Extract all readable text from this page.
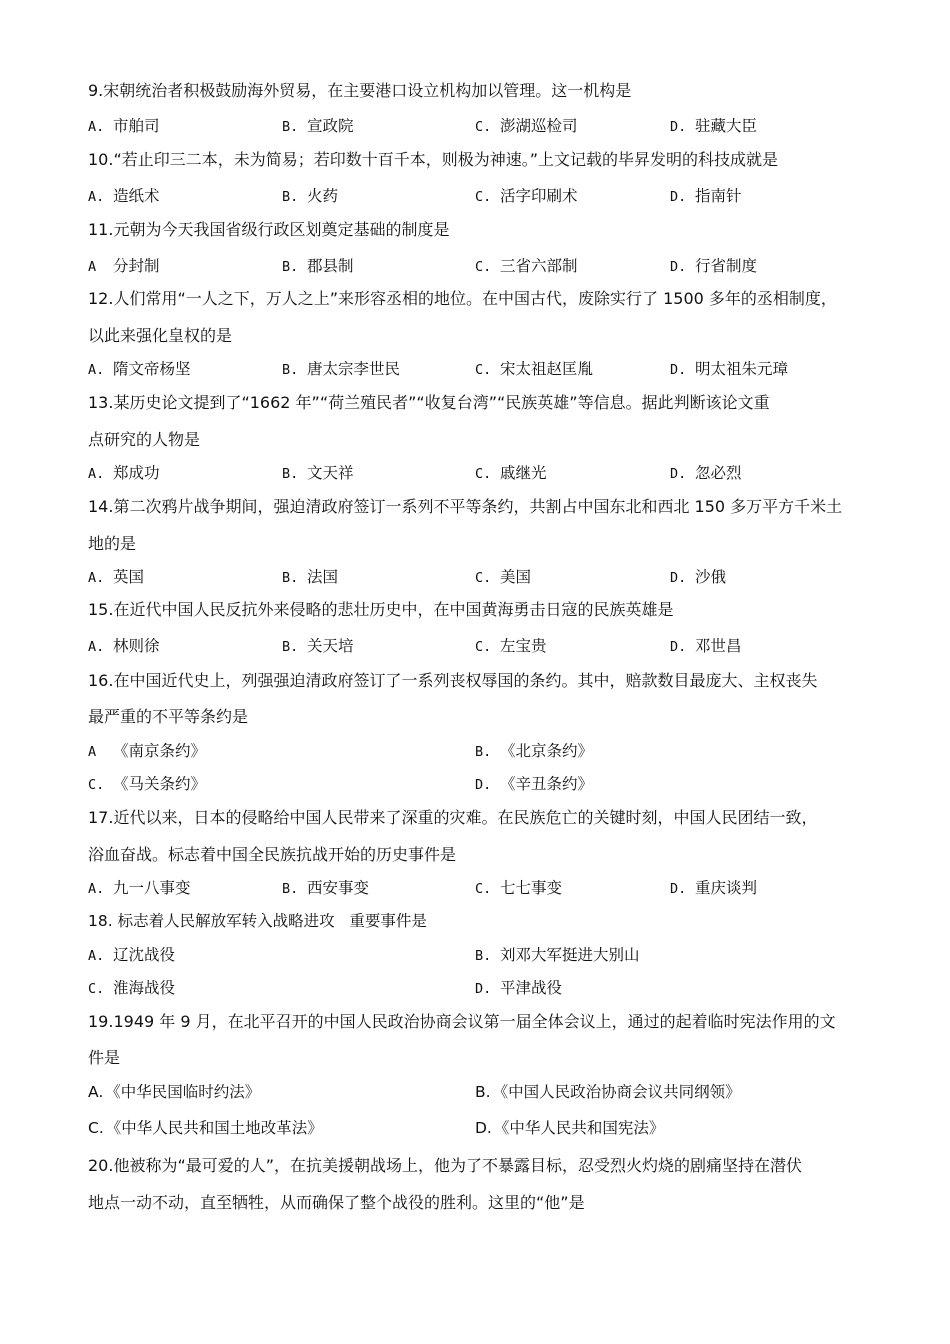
9.宋朝统治者积极鼓励海外贸易，在主要港口设立机构加以管理。这一机构是
A. 市舶司	B. 宣政院	C. 澎湖巡检司	D. 驻藏大臣
10.“若止印三二本，未为简易；若印数十百千本，则极为神速。”上文记载的毕昇发明的科技成就是
A. 造纸术	B. 火药	C. 活字印刷术	D. 指南针
11.元朝为今天我国省级行政区划奠定基础的制度是
A 分封制	B. 郡县制	C. 三省六部制	D. 行省制度
12.人们常用“一人之下，万人之上”来形容丞相的地位。在中国古代，废除实行了 1500 多年的丞相制度，
以此来强化皇权的是
A. 隋文帝杨坚	B. 唐太宗李世民	C. 宋太祖赵匡胤	D. 明太祖朱元璋
13.某历史论文提到了“1662 年”“荷兰殖民者”“收复台湾”“民族英雄”等信息。据此判断该论文重
点研究的人物是
A. 郑成功	B. 文天祥	C. 戚继光	D. 忽必烈
14.第二次鸦片战争期间，强迫清政府签订一系列不平等条约，共割占中国东北和西北 150 多万平方千米土
地的是
A. 英国	B. 法国	C. 美国	D. 沙俄
15.在近代中国人民反抗外来侵略的悲壮历史中，在中国黄海勇击日寇的民族英雄是
A. 林则徐	B. 关天培	C. 左宝贵	D. 邓世昌
16.在中国近代史上，列强强迫清政府签订了一系列丧权辱国的条约。其中，赔款数目最庞大、主权丧失
最严重的不平等条约是
A 《南京条约》	B. 《北京条约》
C. 《马关条约》	D. 《辛丑条约》
17.近代以来，日本的侵略给中国人民带来了深重的灾难。在民族危亡的关键时刻，中国人民团结一致，
浴血奋战。标志着中国全民族抗战开始的历史事件是
A. 九一八事变	B. 西安事变	C. 七七事变	D. 重庆谈判
18. 标志着人民解放军转入战略进攻   重要事件是
A. 辽沈战役	B. 刘邓大军挺进大别山
C. 淮海战役	D. 平津战役
19.1949 年 9 月，在北平召开的中国人民政治协商会议第一届全体会议上，通过的起着临时宪法作用的文
件是
A. 《中华民国临时约法》	B. 《中国人民政治协商会议共同纲领》
C. 《中华人民共和国土地改革法》	D. 《中华人民共和国宪法》
20.他被称为“最可爱的人”，在抗美援朝战场上，他为了不暴露目标，忍受烈火灼烧的剧痛坚持在潜伏
地点一动不动，直至牺牲，从而确保了整个战役的胜利。这里的“他”是
